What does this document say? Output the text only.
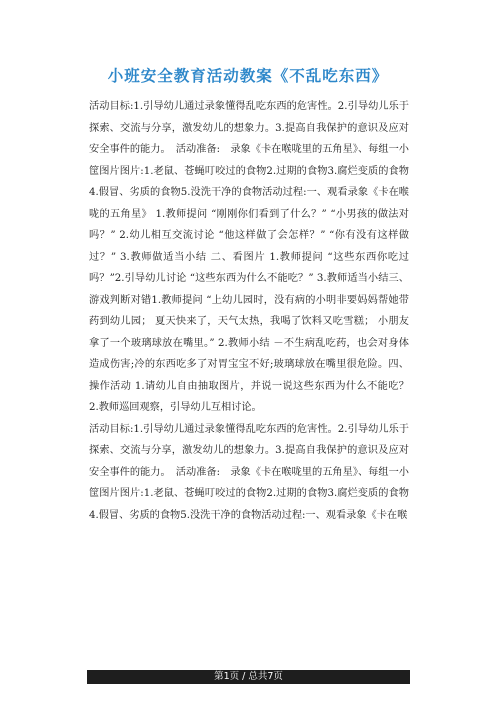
小班安全教育活动教案《不乱吃东西》

活动目标:1.引导幼儿通过录象懂得乱吃东西的危害性。2.引导幼儿乐于探索、交流与分享，激发幼儿的想象力。3.提高自我保护的意识及应对安全事件的能力。　活动准备:　录象《卡在喉咙里的五角星》、每组一小筐图片图片:1.老鼠、苍蝇叮咬过的食物2.过期的食物3.腐烂变质的食物4.假冒、劣质的食物5.没洗干净的食物活动过程:一、观看录象《卡在喉咙的五角星》 1.教师提问 “刚刚你们看到了什么？” “小男孩的做法对吗？” 2.幼儿相互交流讨论 “他这样做了会怎样？” “你有没有这样做过？” 3.教师做适当小结 二、看图片 1.教师提问 “这些东西你吃过吗？”2.引导幼儿讨论 “这些东西为什么不能吃？” 3.教师适当小结三、游戏判断对错1.教师提问 “上幼儿园时，没有病的小明非要妈妈帮她带药到幼儿园； 夏天快来了，天气太热，我喝了饮料又吃雪糕； 小朋友拿了一个玻璃球放在嘴里。” 2.教师小结 －不生病乱吃药，也会对身体造成伤害;冷的东西吃多了对胃宝宝不好;玻璃球放在嘴里很危险。四、操作活动 1.请幼儿自由抽取图片，并说一说这些东西为什么不能吃？ 2.教师巡回观察，引导幼儿互相讨论。

活动目标:1.引导幼儿通过录象懂得乱吃东西的危害性。2.引导幼儿乐于探索、交流与分享，激发幼儿的想象力。3.提高自我保护的意识及应对安全事件的能力。　活动准备:　录象《卡在喉咙里的五角星》、每组一小筐图片图片:1.老鼠、苍蝇叮咬过的食物2.过期的食物3.腐烂变质的食物4.假冒、劣质的食物5.没洗干净的食物活动过程:一、观看录象《卡在喉

第1页 / 总共7页
